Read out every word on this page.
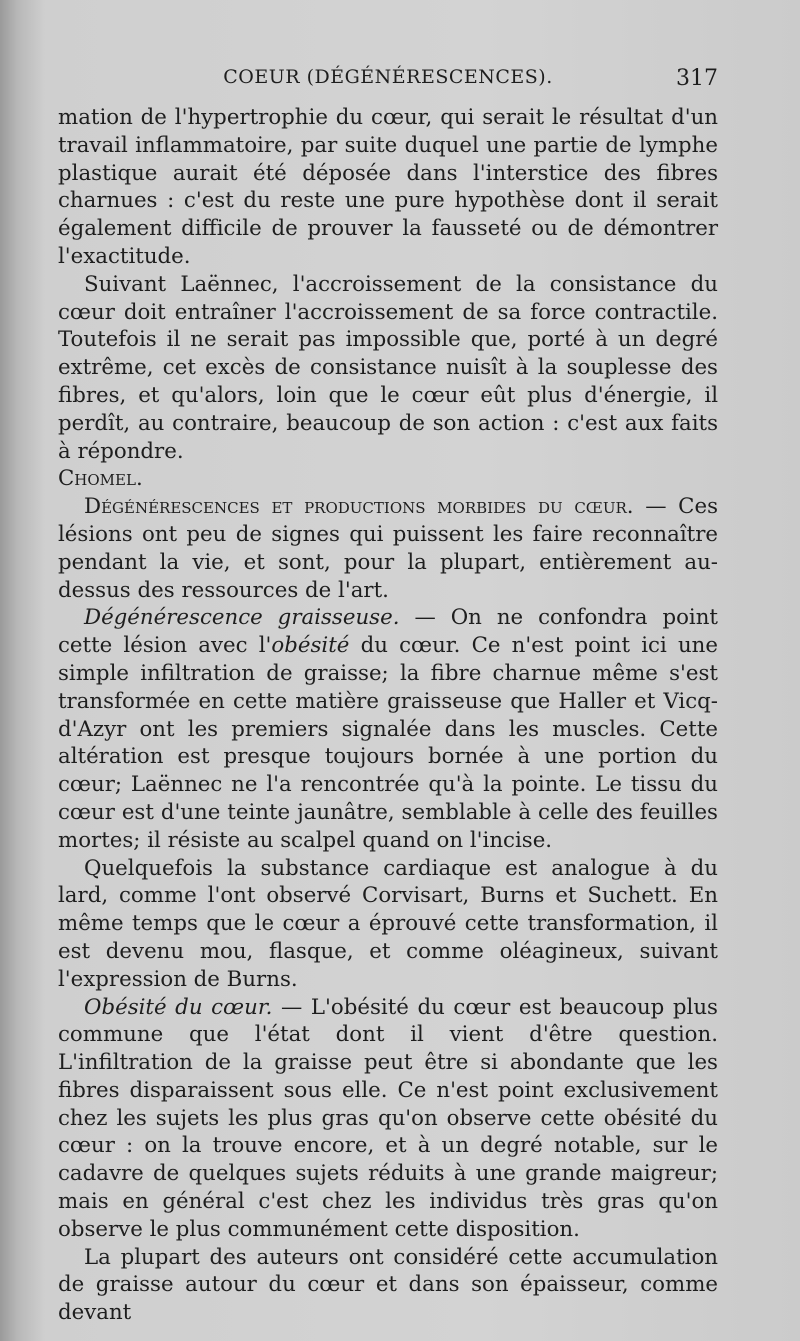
COEUR (DÉGÉNÉRESCENCES).	317

mation de l'hypertrophie du cœur, qui serait le résultat d'un travail inflammatoire, par suite duquel une partie de lymphe plastique aurait été déposée dans l'interstice des fibres charnues : c'est du reste une pure hypothèse dont il serait également difficile de prouver la fausseté ou de démontrer l'exactitude.

Suivant Laënnec, l'accroissement de la consistance du cœur doit entraîner l'accroissement de sa force contractile. Toutefois il ne serait pas impossible que, porté à un degré extrême, cet excès de consistance nuisît à la souplesse des fibres, et qu'alors, loin que le cœur eût plus d'énergie, il perdît, au contraire, beaucoup de son action : c'est aux faits à répondre.

Chomel.

Dégénérescences et productions morbides du cœur. — Ces lésions ont peu de signes qui puissent les faire reconnaître pendant la vie, et sont, pour la plupart, entièrement au-dessus des ressources de l'art.

Dégénérescence graisseuse. — On ne confondra point cette lésion avec l'obésité du cœur. Ce n'est point ici une simple infiltration de graisse; la fibre charnue même s'est transformée en cette matière graisseuse que Haller et Vicq-d'Azyr ont les premiers signalée dans les muscles. Cette altération est presque toujours bornée à une portion du cœur; Laënnec ne l'a rencontrée qu'à la pointe. Le tissu du cœur est d'une teinte jaunâtre, semblable à celle des feuilles mortes; il résiste au scalpel quand on l'incise.

Quelquefois la substance cardiaque est analogue à du lard, comme l'ont observé Corvisart, Burns et Suchett. En même temps que le cœur a éprouvé cette transformation, il est devenu mou, flasque, et comme oléagineux, suivant l'expression de Burns.

Obésité du cœur. — L'obésité du cœur est beaucoup plus commune que l'état dont il vient d'être question. L'infiltration de la graisse peut être si abondante que les fibres disparaissent sous elle. Ce n'est point exclusivement chez les sujets les plus gras qu'on observe cette obésité du cœur : on la trouve encore, et à un degré notable, sur le cadavre de quelques sujets réduits à une grande maigreur; mais en général c'est chez les individus très gras qu'on observe le plus communément cette disposition.

La plupart des auteurs ont considéré cette accumulation de graisse autour du cœur et dans son épaisseur, comme devant
